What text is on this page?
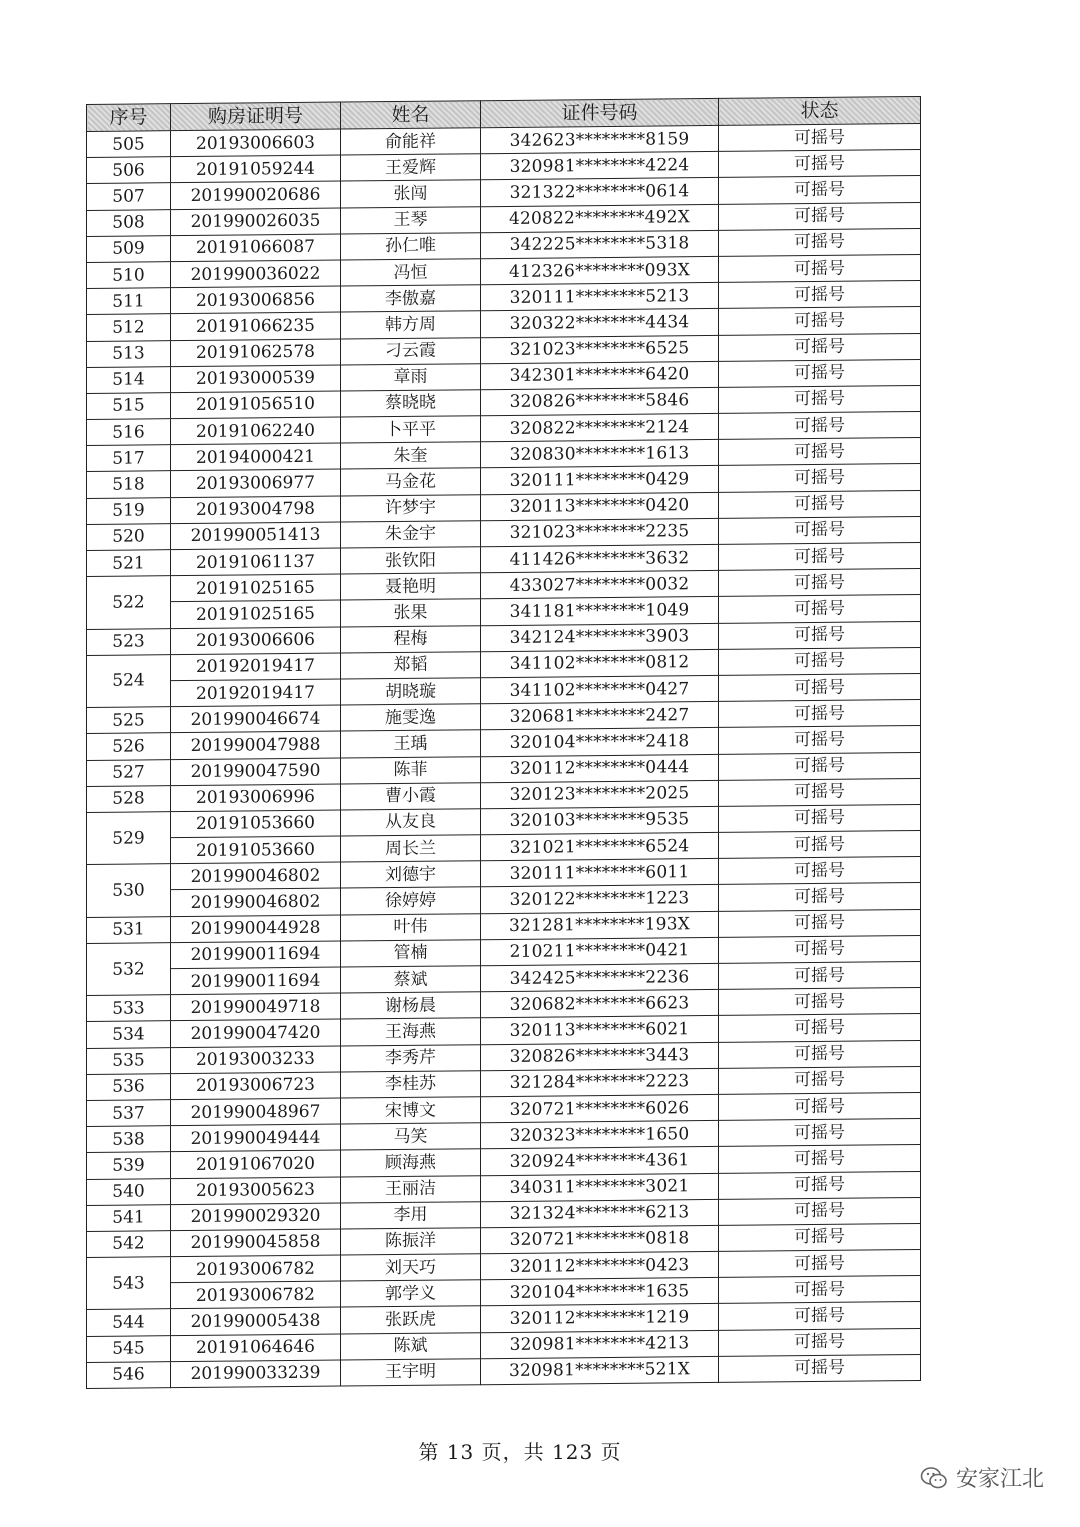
序号	购房证明号	姓名	证件号码	状态
505	20193006603	俞能祥	342623********8159	可摇号
506	20191059244	王爱辉	320981********4224	可摇号
507	201990020686	张闯	321322********0614	可摇号
508	201990026035	王琴	420822********492X	可摇号
509	20191066087	孙仁唯	342225********5318	可摇号
510	201990036022	冯恒	412326********093X	可摇号
511	20193006856	李傲嘉	320111********5213	可摇号
512	20191066235	韩方周	320322********4434	可摇号
513	20191062578	刁云霞	321023********6525	可摇号
514	20193000539	章雨	342301********6420	可摇号
515	20191056510	蔡晓晓	320826********5846	可摇号
516	20191062240	卜平平	320822********2124	可摇号
517	20194000421	朱奎	320830********1613	可摇号
518	20193006977	马金花	320111********0429	可摇号
519	20193004798	许梦宇	320113********0420	可摇号
520	201990051413	朱金宇	321023********2235	可摇号
521	20191061137	张钦阳	411426********3632	可摇号
522	20191025165	聂艳明	433027********0032	可摇号
	20191025165	张果	341181********1049	可摇号
523	20193006606	程梅	342124********3903	可摇号
524	20192019417	郑韬	341102********0812	可摇号
	20192019417	胡晓璇	341102********0427	可摇号
525	201990046674	施雯逸	320681********2427	可摇号
526	201990047988	王瑀	320104********2418	可摇号
527	201990047590	陈菲	320112********0444	可摇号
528	20193006996	曹小霞	320123********2025	可摇号
529	20191053660	从友良	320103********9535	可摇号
	20191053660	周长兰	321021********6524	可摇号
530	201990046802	刘德宇	320111********6011	可摇号
	201990046802	徐婷婷	320122********1223	可摇号
531	201990044928	叶伟	321281********193X	可摇号
532	201990011694	管楠	210211********0421	可摇号
	201990011694	蔡斌	342425********2236	可摇号
533	201990049718	谢杨晨	320682********6623	可摇号
534	201990047420	王海燕	320113********6021	可摇号
535	20193003233	李秀芹	320826********3443	可摇号
536	20193006723	李桂苏	321284********2223	可摇号
537	201990048967	宋博文	320721********6026	可摇号
538	201990049444	马笑	320323********1650	可摇号
539	20191067020	顾海燕	320924********4361	可摇号
540	20193005623	王丽洁	340311********3021	可摇号
541	201990029320	李用	321324********6213	可摇号
542	201990045858	陈振洋	320721********0818	可摇号
543	20193006782	刘天巧	320112********0423	可摇号
	20193006782	郭学义	320104********1635	可摇号
544	201990005438	张跃虎	320112********1219	可摇号
545	20191064646	陈斌	320981********4213	可摇号
546	201990033239	王宇明	320981********521X	可摇号
第 13 页，共 123 页
安家江北
